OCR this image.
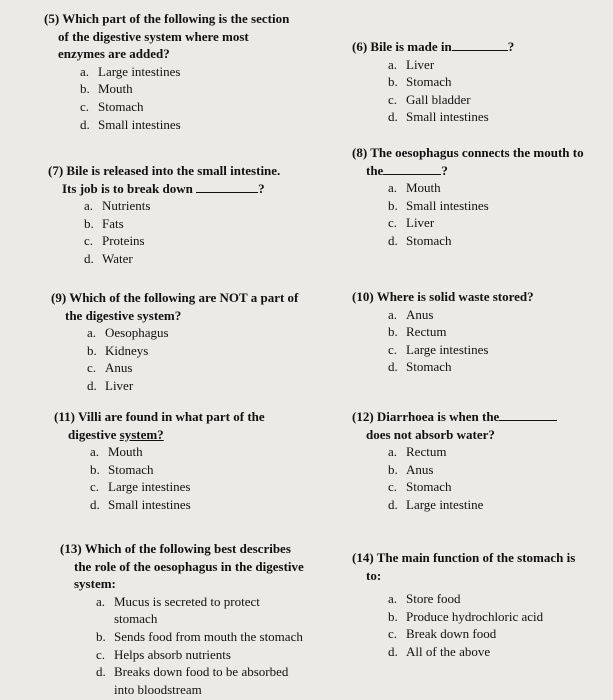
(5) Which part of the following is the section
of the digestive system where most
enzymes are added?
a. Large intestines
b. Mouth
c. Stomach
d. Small intestines
(6) Bile is made in	?
a. Liver
b. Stomach
c. Gall bladder
d. Small intestines
(8) The oesophagus connects the mouth to
the	?
a. Mouth
b. Small intestines
c. Liver
d. Stomach
(7) Bile is released into the small intestine.
Its job is to break down	?
a. Nutrients
b. Fats
c. Proteins
d. Water
(9) Which of the following are NOT a part of
the digestive system?
a. Oesophagus
b. Kidneys
c. Anus
d. Liver
(10) Where is solid waste stored?
a. Anus
b. Rectum
c. Large intestines
d. Stomach
(11) Villi are found in what part of the
digestive system?
a. Mouth
b. Stomach
c. Large intestines
d. Small intestines
(12) Diarrhoea is when the
does not absorb water?
a. Rectum
b. Anus
c. Stomach
d. Large intestine
(13) Which of the following best describes
the role of the oesophagus in the digestive
system:
a. Mucus is secreted to protect
stomach
b. Sends food from mouth the stomach
c. Helps absorb nutrients
d. Breaks down food to be absorbed
into bloodstream
(14) The main function of the stomach is
to:
a. Store food
b. Produce hydrochloric acid
c. Break down food
d. All of the above
